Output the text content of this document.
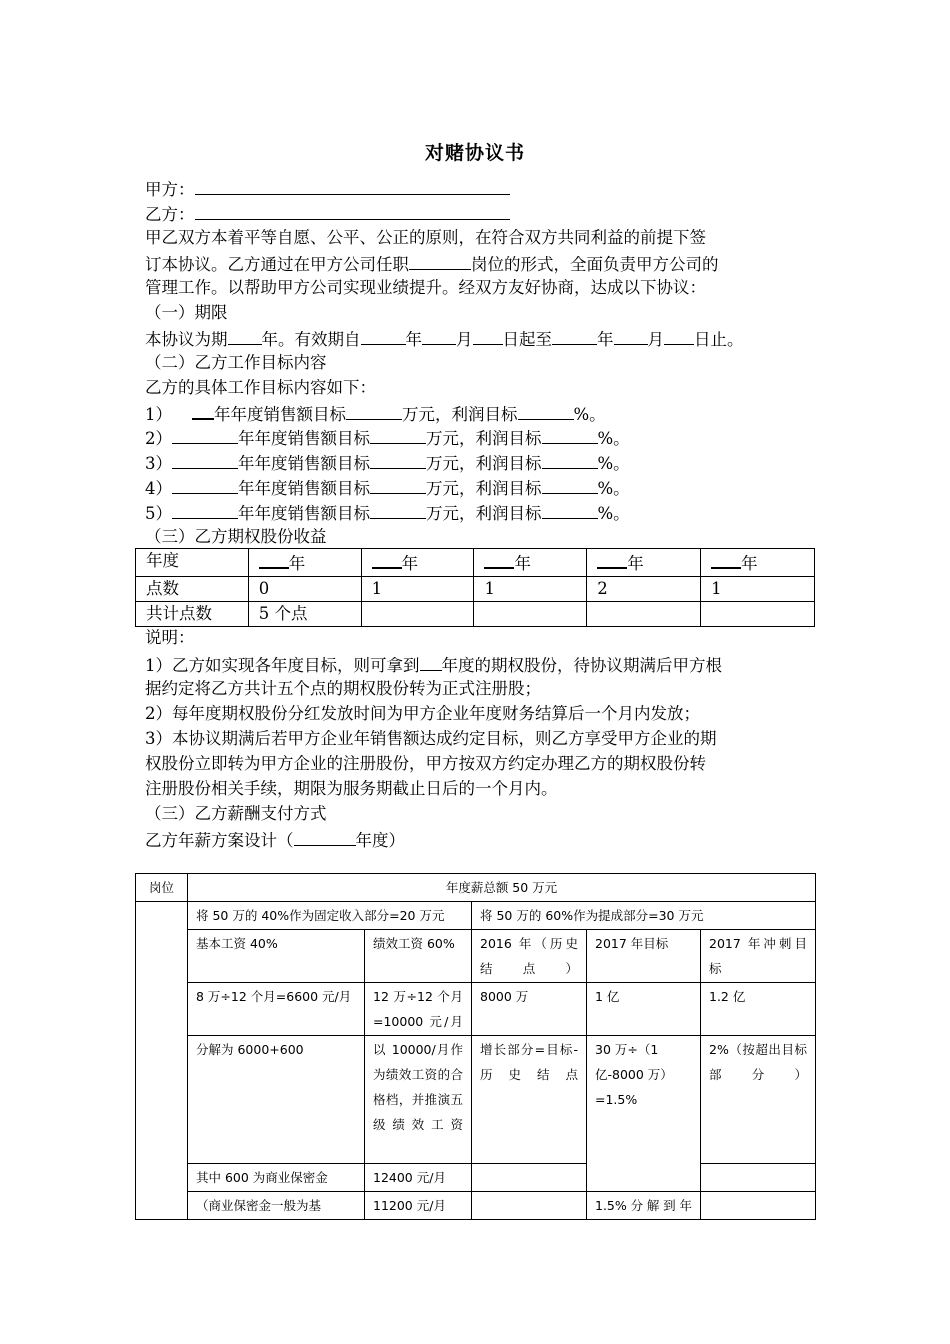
对赌协议书
甲方：
乙方：
甲乙双方本着平等自愿、公平、公正的原则，在符合双方共同利益的前提下签
订本协议。乙方通过在甲方公司任职	岗位的形式，全面负责甲方公司的
管理工作。以帮助甲方公司实现业绩提升。经双方友好协商，达成以下协议：
（一）期限
本协议为期 年。有效期自	年 月 日起至	年 月 日止。
（二）乙方工作目标内容
乙方的具体工作目标内容如下：
1）	年年度销售额目标	万元，利润目标	%。
2）	年年度销售额目标	万元，利润目标	%。
3）	年年度销售额目标	万元，利润目标	%。
4）	年年度销售额目标	万元，利润目标	%。
5）	年年度销售额目标	万元，利润目标	%。
（三）乙方期权股份收益
年度	年	年	年	年	年
点数	0	1	1	2	1
共计点数	5 个点				
说明：
1）乙方如实现各年度目标，则可拿到 年度的期权股份，待协议期满后甲方根
据约定将乙方共计五个点的期权股份转为正式注册股；
2）每年度期权股份分红发放时间为甲方企业年度财务结算后一个月内发放；
3）本协议期满后若甲方企业年销售额达成约定目标，则乙方享受甲方企业的期
权股份立即转为甲方企业的注册股份，甲方按双方约定办理乙方的期权股份转
注册股份相关手续，期限为服务期截止日后的一个月内。
（三）乙方薪酬支付方式
乙方年薪方案设计（	年度）
岗位	年度薪总额 50 万元				
	将 50 万的 40%作为固定收入部分=20 万元		将 50 万的 60%作为提成部分=30 万元		
	基本工资 40%	绩效工资 60%	2016 年（历史结点）	2017 年目标	2017 年冲刺目标
	8 万÷12 个月=6600 元/月	12 万÷12 个月=10000 元/月	8000 万	1 亿	1.2 亿
	分解为 6000+600	以 10000/月作为绩效工资的合格档，并推演五级绩效工资	增长部分=目标-历史结点	30 万÷（1 亿-8000 万）=1.5%	2%（按超出目标部分）
	其中 600 为商业保密金	12400 元/月			
	（商业保密金一般为基	11200 元/月		1.5%分解到年	
